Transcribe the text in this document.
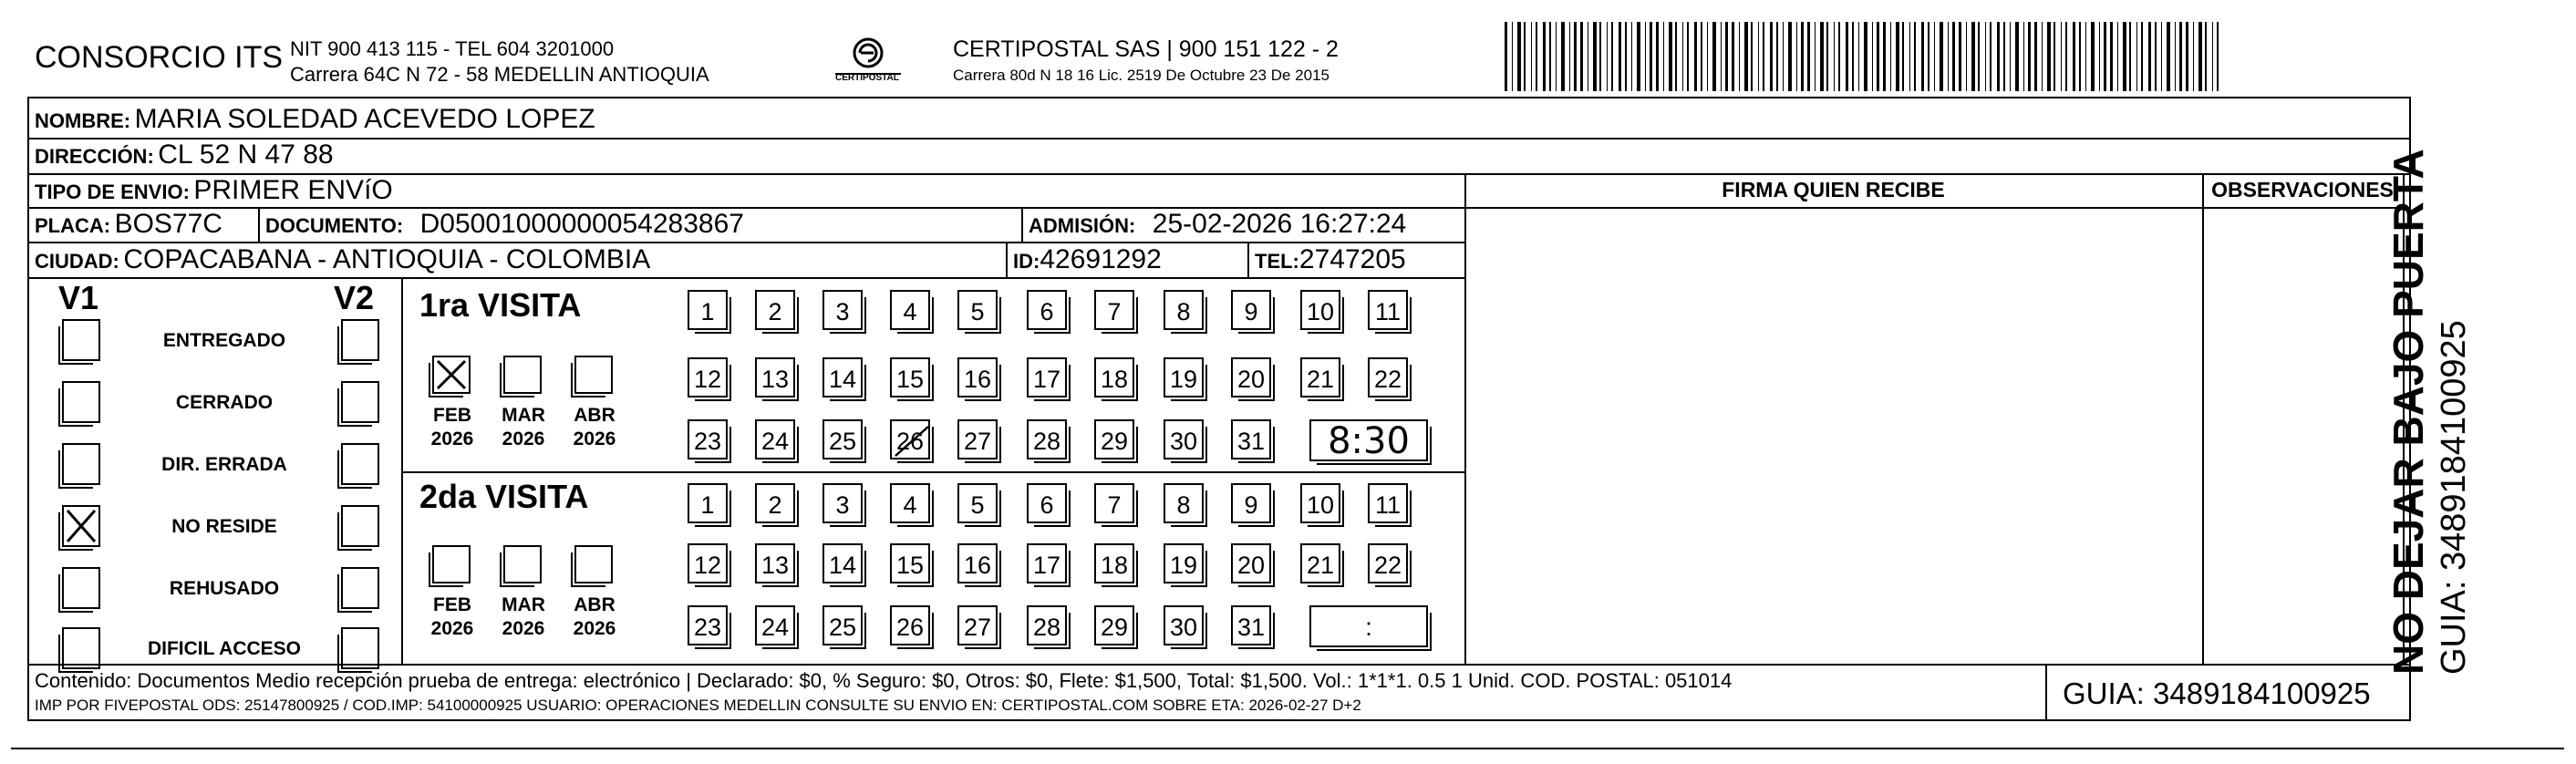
CONSORCIO ITS NIT 900 413 115 - TEL 604 3201000
Carrera 64C N 72 - 58 MEDELLIN ANTIOQUIA	CERTIPOSTAL
CERTIPOSTAL SAS | 900 151 122 - 2
Carrera 80d N 18 16 Lic. 2519 De Octubre 23 De 2015
NOMBRE: MARIA SOLEDAD ACEVEDO LOPEZ
DIRECCIÓN: CL 52 N 47 88
TIPO DE ENVIO: PRIMER ENVíO
PLACA: BOS77C DOCUMENTO: D05001000000054283867	ADMISIÓN: 25-02-2026 16:27:24
CIUDAD: COPACABANA - ANTIOQUIA - COLOMBIA	ID:42691292	TEL:2747205
FIRMA QUIEN RECIBE	OBSERVACIONES
V1	V2
ENTREGADO
CERRADO
DIR. ERRADA
NO RESIDE
REHUSADO
DIFICIL ACCESO
1ra VISITA
2da VISITA
FEB
2026
MAR
2026
ABR
2026
FEB
2026
MAR
2026
ABR
2026
1	2	3	4	5	6	7	8	9	10 11
12 13 14 15 16 17 18 19 20 21 22
23 24 25 26 27 28 29 30 31	8:30
1	2	3	4	5	6	7	8	9	10 11
12 13 14 15 16 17 18 19 20 21 22
23 24 25 26 27 28 29 30 31	:
Contenido: Documentos Medio recepción prueba de entrega: electrónico | Declarado: $0, % Seguro: $0, Otros: $0, Flete: $1,500, Total: $1,500. Vol.: 1*1*1. 0.5 1 Unid. COD. POSTAL: 051014
IMP POR FIVEPOSTAL ODS: 25147800925 / COD.IMP: 54100000925 USUARIO: OPERACIONES MEDELLIN CONSULTE SU ENVIO EN: CERTIPOSTAL.COM SOBRE ETA: 2026-02-27 D+2	GUIA: 3489184100925
NO DEJAR BAJO PUERTA GUIA: 3489184100925
